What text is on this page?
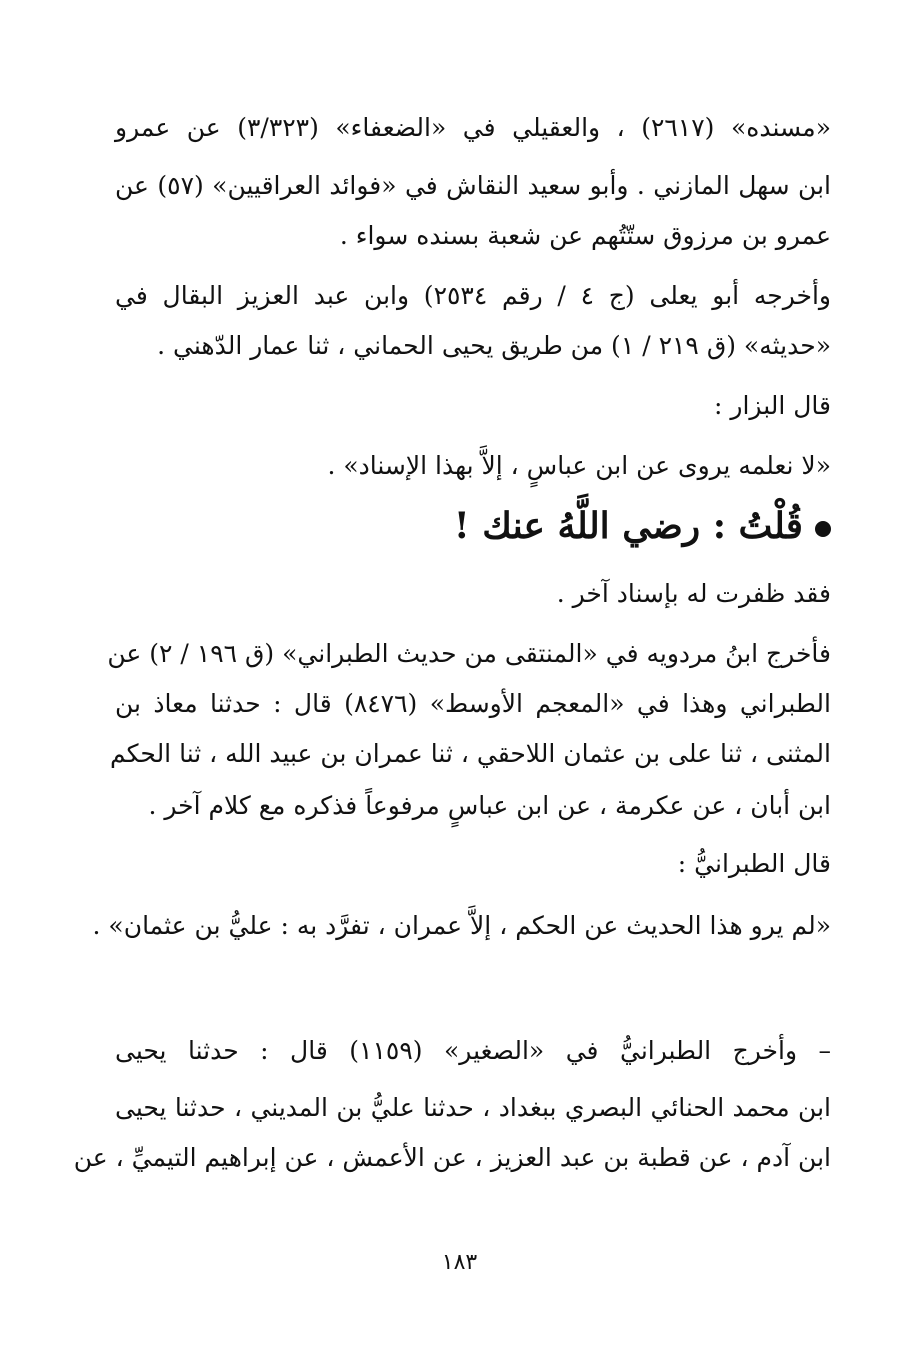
«مسنده» (٢٦١٧) ، والعقيلي في «الضعفاء» (٣/٣٢٣) عن عمرو
ابن سهل المازني . وأبو سعيد النقاش في «فوائد العراقيين» (٥٧) عن
عمرو بن مرزوق ستّتُهم عن شعبة بسنده سواء .
وأخرجه أبو يعلى (ج ٤ / رقم ٢٥٣٤) وابن عبد العزيز البقال في
«حديثه» (ق ٢١٩ / ١) من طريق يحيى الحماني ، ثنا عمار الدّهني .
قال البزار :
«لا نعلمه يروى عن ابن عباسٍ ، إلاَّ بهذا الإسناد» .
قُلْتُ : رضي اللَّهُ عنك !
فقد ظفرت له بإسناد آخر .
فأخرج ابنُ مردويه في «المنتقى من حديث الطبراني» (ق ١٩٦ / ٢) عن
الطبراني وهذا في «المعجم الأوسط» (٨٤٧٦) قال : حدثنا معاذ بن
المثنى ، ثنا على بن عثمان اللاحقي ، ثنا عمران بن عبيد الله ، ثنا الحكم
ابن أبان ، عن عكرمة ، عن ابن عباسٍ مرفوعاً فذكره مع كلام آخر .
قال الطبرانيُّ :
«لم يرو هذا الحديث عن الحكم ، إلاَّ عمران ، تفرَّد به : عليُّ بن عثمان» .
– وأخرج الطبرانيُّ في «الصغير» (١١٥٩) قال : حدثنا يحيى
ابن محمد الحنائي البصري ببغداد ، حدثنا عليُّ بن المديني ، حدثنا يحيى
ابن آدم ، عن قطبة بن عبد العزيز ، عن الأعمش ، عن إبراهيم التيميِّ ، عن
١٨٣
